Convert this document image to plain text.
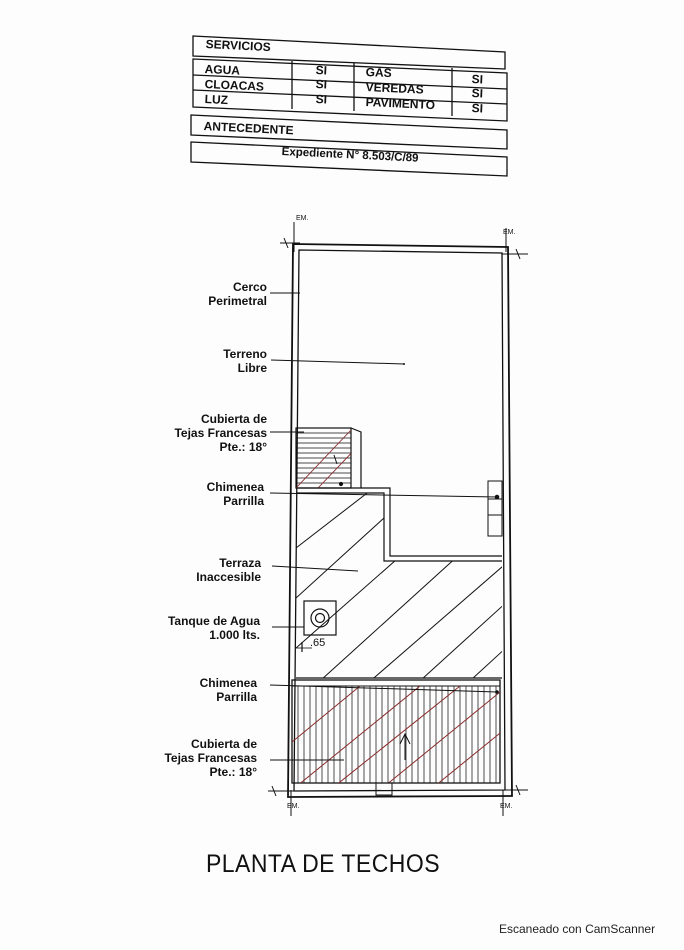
SERVICIOS
AGUA	SI	GAS	SI
CLOACAS	SI	VEREDAS	SI
LUZ	SI	PAVIMENTO	SI
ANTECEDENTE
Expediente N° 8.503/C/89
EM.
EM.
EM.	EM.
.65
Cerco
Perimetral
Terreno
Libre
Cubierta de
Tejas Francesas
Pte.: 18°
Chimenea
Parrilla
Terraza
Inaccesible
Tanque de Agua
1.000 lts.
Chimenea
Parrilla
Cubierta de
Tejas Francesas
Pte.: 18°
PLANTA DE TECHOS
Escaneado con CamScanner
